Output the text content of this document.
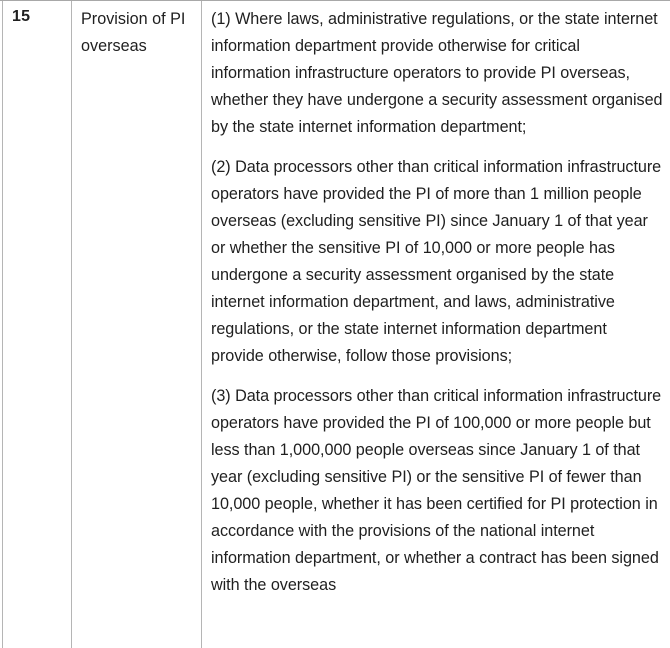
15	Provision of PI overseas

(1) Where laws, administrative regulations, or the state internet information department provide otherwise for critical information infrastructure operators to provide PI overseas, whether they have undergone a security assessment organised by the state internet information department;

(2) Data processors other than critical information infrastructure operators have provided the PI of more than 1 million people overseas (excluding sensitive PI) since January 1 of that year or whether the sensitive PI of 10,000 or more people has undergone a security assessment organised by the state internet information department, and laws, administrative regulations, or the state internet information department provide otherwise, follow those provisions;

(3) Data processors other than critical information infrastructure operators have provided the PI of 100,000 or more people but less than 1,000,000 people overseas since January 1 of that year (excluding sensitive PI) or the sensitive PI of fewer than 10,000 people, whether it has been certified for PI protection in accordance with the provisions of the national internet information department, or whether a contract has been signed with the overseas
